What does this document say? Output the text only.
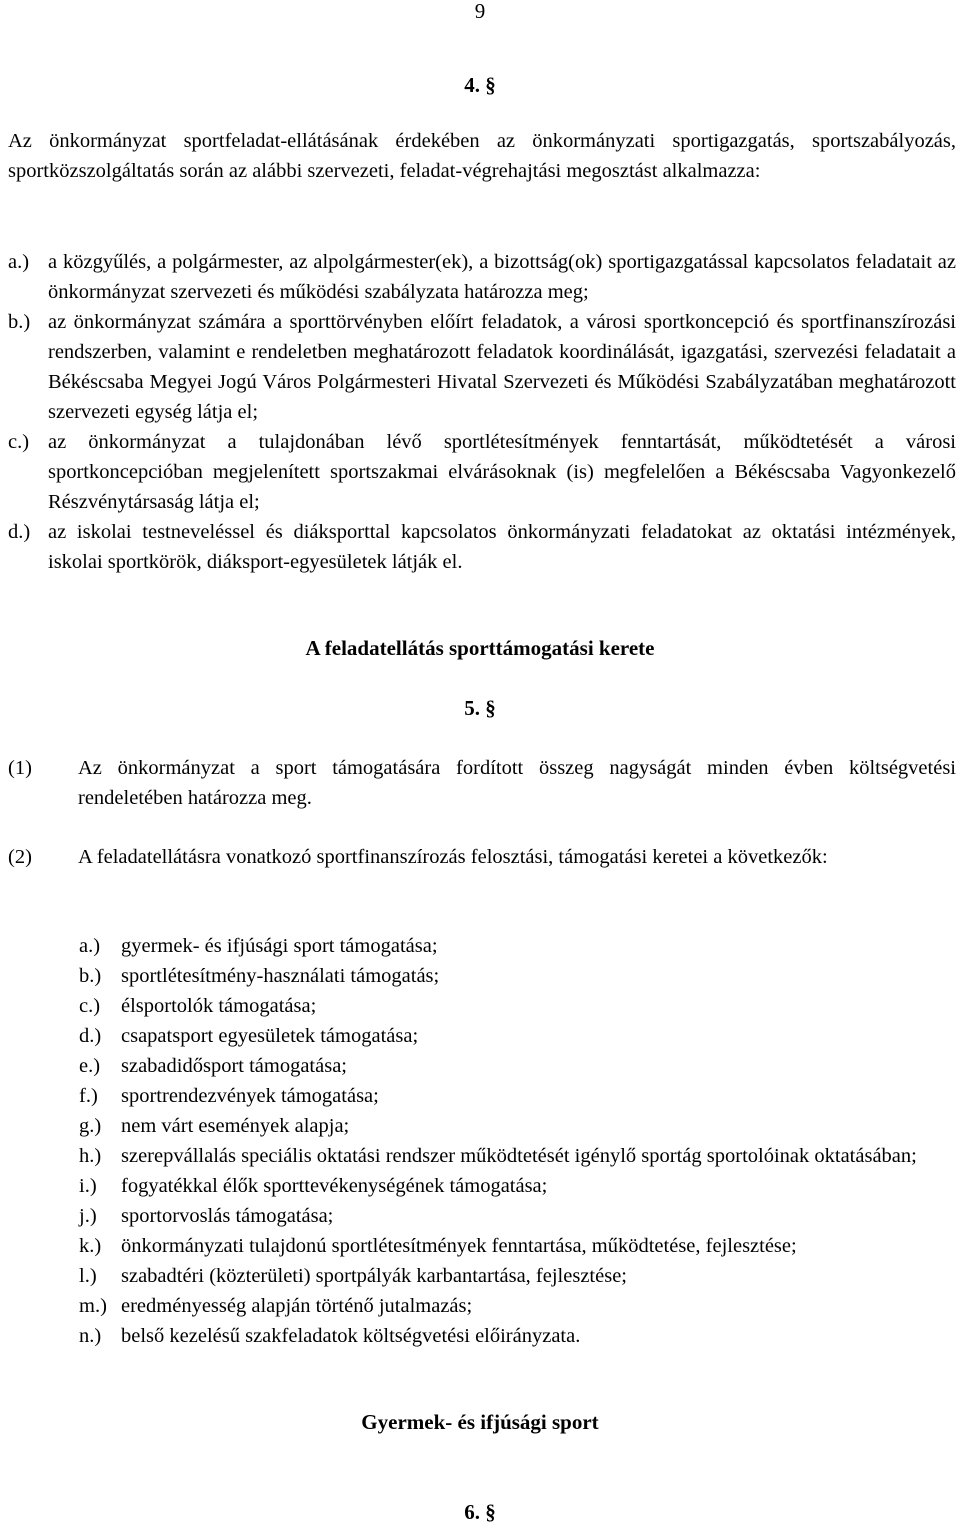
9
4. §
Az önkormányzat sportfeladat-ellátásának érdekében az önkormányzati sportigazgatás, sportszabályozás, sportközszolgáltatás során az alábbi szervezeti, feladat-végrehajtási megosztást alkalmazza:
a.) a közgyűlés, a polgármester, az alpolgármester(ek), a bizottság(ok) sportigazgatással kapcsolatos feladatait az önkormányzat szervezeti és működési szabályzata határozza meg;
b.) az önkormányzat számára a sporttörvényben előírt feladatok, a városi sportkoncepció és sportfinanszírozási rendszerben, valamint e rendeletben meghatározott feladatok koordinálását, igazgatási, szervezési feladatait a Békéscsaba Megyei Jogú Város Polgármesteri Hivatal Szervezeti és Működési Szabályzatában meghatározott szervezeti egység látja el;
c.) az önkormányzat a tulajdonában lévő sportlétesítmények fenntartását, működtetését a városi sportkoncepcióban megjelenített sportszakmai elvárásoknak (is) megfelelően a Békéscsaba Vagyonkezelő Részvénytársaság látja el;
d.) az iskolai testneveléssel és diáksporttal kapcsolatos önkormányzati feladatokat az oktatási intézmények, iskolai sportkörök, diáksport-egyesületek látják el.
A feladatellátás sporttámogatási kerete
5. §
(1)	Az önkormányzat a sport támogatására fordított összeg nagyságát minden évben költségvetési rendeletében határozza meg.
(2)	A feladatellátásra vonatkozó sportfinanszírozás felosztási, támogatási keretei a következők:
a.)	gyermek- és ifjúsági sport támogatása;
b.) sportlétesítmény-használati támogatás;
c.)	élsportolók támogatása;
d.) csapatsport egyesületek támogatása;
e.)	szabadidősport támogatása;
f.)	sportrendezvények támogatása;
g.) nem várt események alapja;
h.) szerepvállalás speciális oktatási rendszer működtetését igénylő sportág sportolóinak oktatásában;
i.)	fogyatékkal élők sporttevékenységének támogatása;
j.)	sportorvoslás támogatása;
k.) önkormányzati tulajdonú sportlétesítmények fenntartása, működtetése, fejlesztése;
l.)	szabadtéri (közterületi) sportpályák karbantartása, fejlesztése;
m.) eredményesség alapján történő jutalmazás;
n.) belső kezelésű szakfeladatok költségvetési előirányzata.
Gyermek- és ifjúsági sport
6. §
